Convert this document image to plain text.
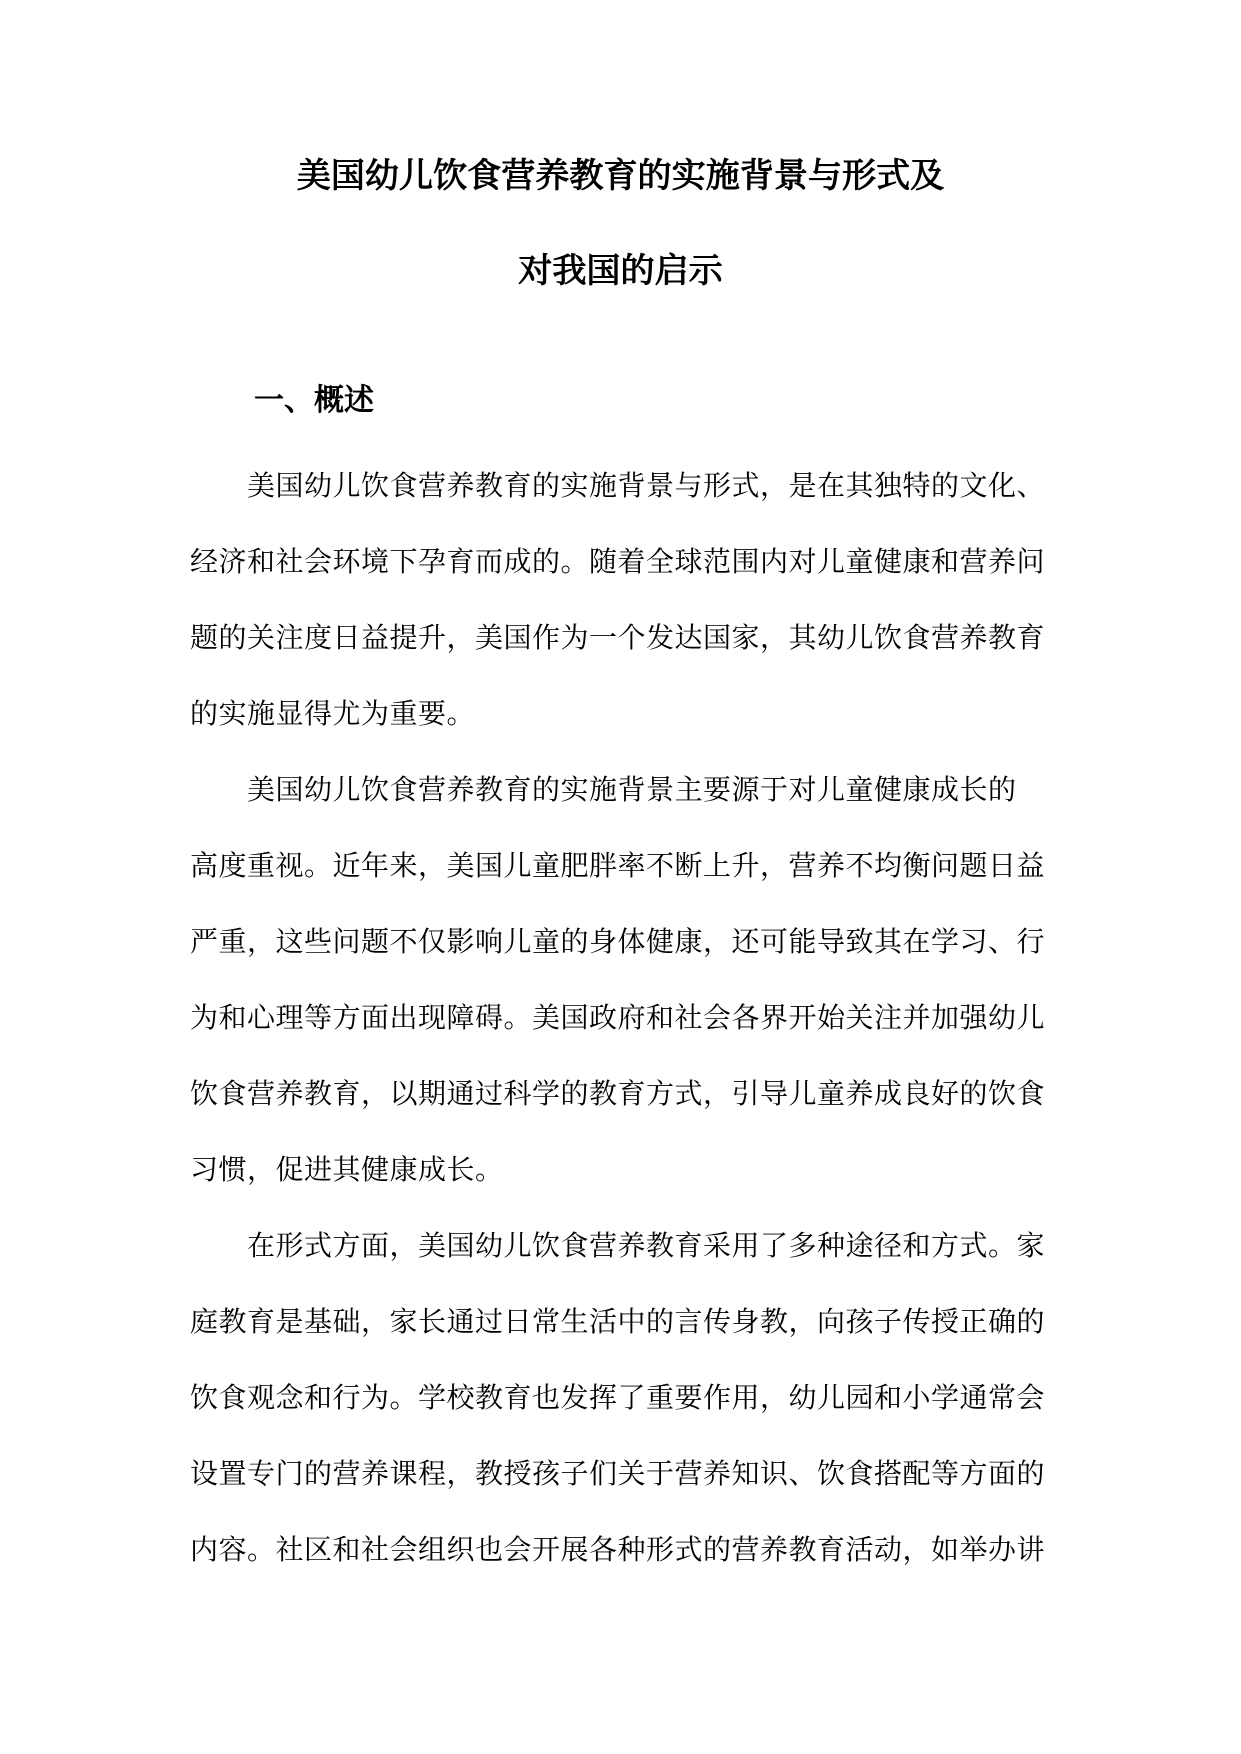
美国幼儿饮食营养教育的实施背景与形式及
对我国的启示
一、概述
美国幼儿饮食营养教育的实施背景与形式，是在其独特的文化、
经济和社会环境下孕育而成的。随着全球范围内对儿童健康和营养问
题的关注度日益提升，美国作为一个发达国家，其幼儿饮食营养教育
的实施显得尤为重要。
美国幼儿饮食营养教育的实施背景主要源于对儿童健康成长的
高度重视。近年来，美国儿童肥胖率不断上升，营养不均衡问题日益
严重，这些问题不仅影响儿童的身体健康，还可能导致其在学习、行
为和心理等方面出现障碍。美国政府和社会各界开始关注并加强幼儿
饮食营养教育，以期通过科学的教育方式，引导儿童养成良好的饮食
习惯，促进其健康成长。
在形式方面，美国幼儿饮食营养教育采用了多种途径和方式。家
庭教育是基础，家长通过日常生活中的言传身教，向孩子传授正确的
饮食观念和行为。学校教育也发挥了重要作用，幼儿园和小学通常会
设置专门的营养课程，教授孩子们关于营养知识、饮食搭配等方面的
内容。社区和社会组织也会开展各种形式的营养教育活动，如举办讲
